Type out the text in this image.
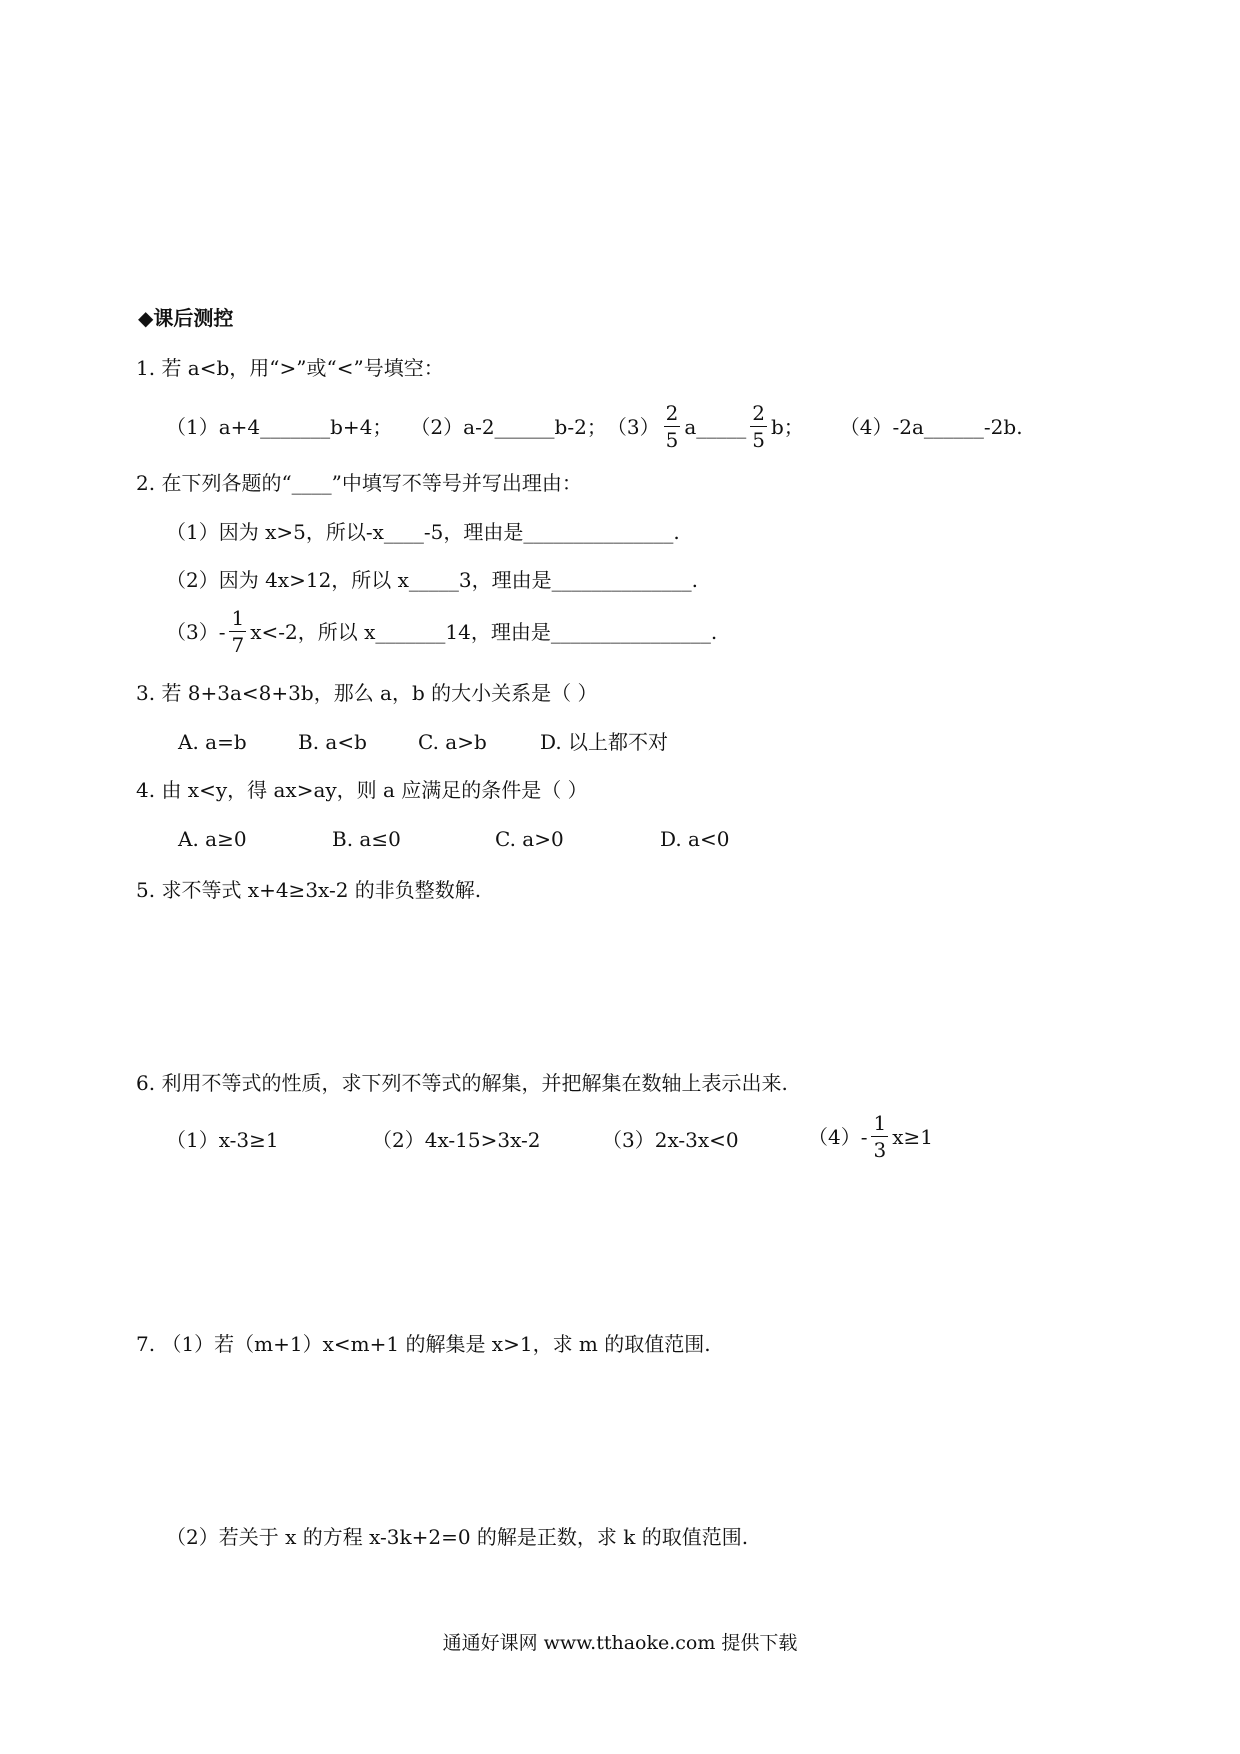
◆课后测控
1. 若 a<b，用“>”或“<”号填空：
（1）a+4_______b+4； （2）a-2______b-2； $(3) \frac{2}{5}$ a_____ $\frac{2}{5}$ b； （4）-2a______-2b.
2. 在下列各题的“____”中填写不等号并写出理由：
（1）因为 x>5，所以-x____-5，理由是_______________.
（2）因为 4x>12，所以 x_____3，理由是______________.
$(3)- \frac{1}{7} x<-2$，所以 x_______14，理由是________________.
3. 若 8+3a<8+3b，那么 a，b 的大小关系是（ ）
A. a=b	B. a<b	C. a>b	D. 以上都不对
4. 由 x<y，得 ax>ay，则 a 应满足的条件是（ ）
A. a≥0	B. a≤0	C. a>0	D. a<0
5. 求不等式 x+4≥3x-2 的非负整数解.
6. 利用不等式的性质，求下列不等式的解集，并把解集在数轴上表示出来.
（1）x-3≥1	（2）4x-15>3x-2	（3）2x-3x<0	$(4)- \frac{1}{3} x\ge 1$
7. （1）若（m+1）x<m+1 的解集是 x>1，求 m 的取值范围.
（2）若关于 x 的方程 x-3k+2=0 的解是正数，求 k 的取值范围.
通通好课网 www.tthaoke.com 提供下载
